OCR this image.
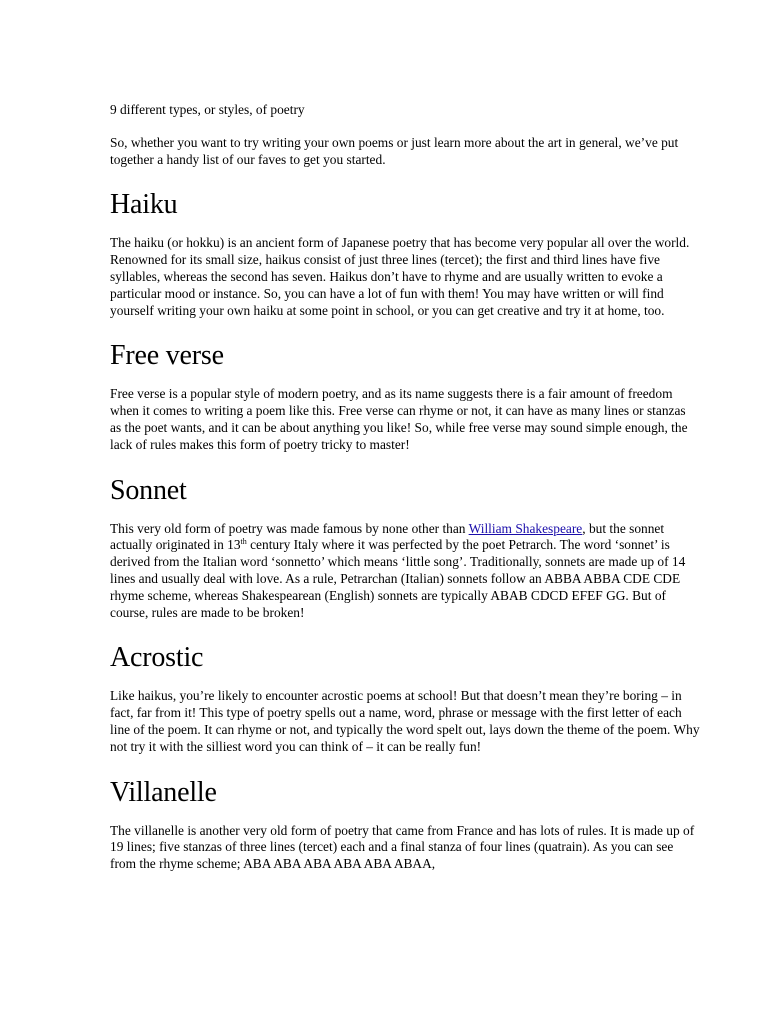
9 different types, or styles, of poetry

So, whether you want to try writing your own poems or just learn more about the art in general, we’ve put together a handy list of our faves to get you started.

Haiku

The haiku (or hokku) is an ancient form of Japanese poetry that has become very popular all over the world. Renowned for its small size, haikus consist of just three lines (tercet); the first and third lines have five syllables, whereas the second has seven. Haikus don’t have to rhyme and are usually written to evoke a particular mood or instance. So, you can have a lot of fun with them! You may have written or will find yourself writing your own haiku at some point in school, or you can get creative and try it at home, too.

Free verse

Free verse is a popular style of modern poetry, and as its name suggests there is a fair amount of freedom when it comes to writing a poem like this. Free verse can rhyme or not, it can have as many lines or stanzas as the poet wants, and it can be about anything you like! So, while free verse may sound simple enough, the lack of rules makes this form of poetry tricky to master!

Sonnet

This very old form of poetry was made famous by none other than William Shakespeare, but the sonnet actually originated in 13th century Italy where it was perfected by the poet Petrarch. The word ‘sonnet’ is derived from the Italian word ‘sonnetto’ which means ‘little song’. Traditionally, sonnets are made up of 14 lines and usually deal with love. As a rule, Petrarchan (Italian) sonnets follow an ABBA ABBA CDE CDE rhyme scheme, whereas Shakespearean (English) sonnets are typically ABAB CDCD EFEF GG. But of course, rules are made to be broken!

Acrostic

Like haikus, you’re likely to encounter acrostic poems at school! But that doesn’t mean they’re boring – in fact, far from it! This type of poetry spells out a name, word, phrase or message with the first letter of each line of the poem. It can rhyme or not, and typically the word spelt out, lays down the theme of the poem. Why not try it with the silliest word you can think of – it can be really fun!

Villanelle

The villanelle is another very old form of poetry that came from France and has lots of rules. It is made up of 19 lines; five stanzas of three lines (tercet) each and a final stanza of four lines (quatrain). As you can see from the rhyme scheme; ABA ABA ABA ABA ABA ABAA,
